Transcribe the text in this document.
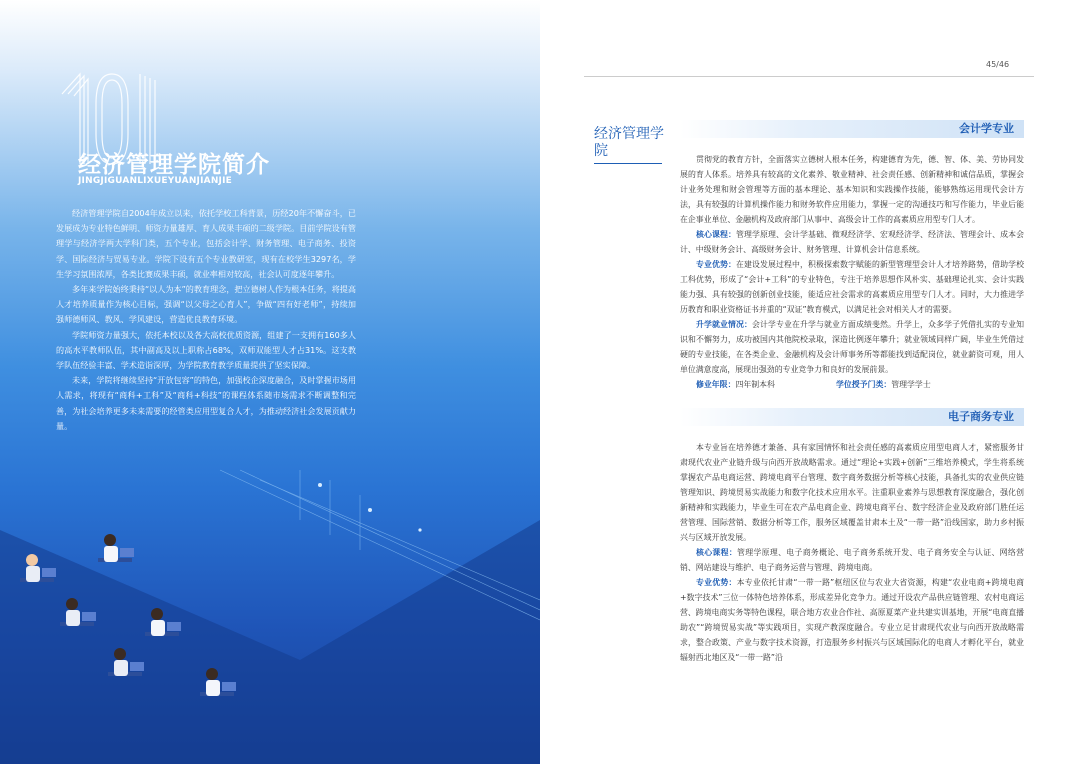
经济管理学院简介
JINGJIGUANLIXUEYUANJIANJIE

经济管理学院自2004年成立以来，依托学校工科背景，历经20年不懈奋斗，已发展成为专业特色鲜明、师资力量雄厚、育人成果丰硕的二级学院。目前学院设有管理学与经济学两大学科门类，五个专业，包括会计学、财务管理、电子商务、投资学、国际经济与贸易专业。学院下设有五个专业教研室，现有在校学生3297名，学生学习氛围浓厚，各类比赛成果丰硕，就业率相对较高，社会认可度逐年攀升。

多年来学院始终秉持“以人为本”的教育理念，把立德树人作为根本任务，将提高人才培养质量作为核心目标，强调“以父母之心育人”，争做“四有好老师”，持续加强师德师风、教风、学风建设，营造优良教育环境。

学院师资力量强大，依托本校以及各大高校优质资源，组建了一支拥有160多人的高水平教师队伍，其中副高及以上职称占68%，双师双能型人才占31%。这支教学队伍经验丰富、学术造诣深厚，为学院教育教学质量提供了坚实保障。

未来，学院将继续坚持“开放包容”的特色，加强校企深度融合，及时掌握市场用人需求，将现有“商科+工科”及“商科+科技”的课程体系随市场需求不断调整和完善，为社会培养更多未来需要的经管类应用型复合人才，为推动经济社会发展贡献力量。

45/46
经济管理学院
会计学专业

贯彻党的教育方针，全面落实立德树人根本任务，构建德育为先，德、智、体、美、劳协同发展的育人体系。培养具有较高的文化素养、敬业精神、社会责任感、创新精神和诚信品质，掌握会计业务处理和财会管理等方面的基本理论、基本知识和实践操作技能，能够熟练运用现代会计方法，具有较强的计算机操作能力和财务软件应用能力，掌握一定的沟通技巧和写作能力，毕业后能在企事业单位、金融机构及政府部门从事中、高级会计工作的高素质应用型专门人才。

核心课程：管理学原理、会计学基础、微观经济学、宏观经济学、经济法、管理会计、成本会计、中级财务会计、高级财务会计、财务管理、计算机会计信息系统。

专业优势：在建设发展过程中，积极探索数字赋能的新型管理型会计人才培养路势，借助学校工科优势，形成了“会计+工科”的专业特色，专注于培养思想作风朴实、基础理论扎实、会计实践能力强、具有较强的创新创业技能，能适应社会需求的高素质应用型专门人才。同时，大力推进学历教育和职业资格证书并重的“双证”教育模式，以满足社会对相关人才的需要。

升学就业情况：会计学专业在升学与就业方面成绩斐然。升学上，众多学子凭借扎实的专业知识和不懈努力，成功被国内其他院校录取，深造比例逐年攀升；就业领域同样广阔，毕业生凭借过硬的专业技能，在各类企业、金融机构及会计师事务所等都能找到适配岗位，就业薪资可观，用人单位满意度高，展现出强劲的专业竞争力和良好的发展前景。

修业年限：四年制本科	学位授予门类：管理学学士
电子商务专业

本专业旨在培养德才兼备、具有家国情怀和社会责任感的高素质应用型电商人才，紧密服务甘肃现代农业产业链升级与向西开放战略需求。通过“理论+实践+创新”三维培养模式，学生将系统掌握农产品电商运营、跨境电商平台管理、数字商务数据分析等核心技能，具备扎实的农业供应链管理知识、跨境贸易实战能力和数字化技术应用水平。注重职业素养与思想教育深度融合，强化创新精神和实践能力，毕业生可在农产品电商企业、跨境电商平台、数字经济企业及政府部门胜任运营管理、国际营销、数据分析等工作，服务区域覆盖甘肃本土及“一带一路”沿线国家，助力乡村振兴与区域开放发展。

核心课程：管理学原理、电子商务概论、电子商务系统开发、电子商务安全与认证、网络营销、网站建设与维护、电子商务运营与管理、跨境电商。

专业优势：本专业依托甘肃“一带一路”枢纽区位与农业大省资源，构建“农业电商+跨境电商+数字技术”三位一体特色培养体系，形成差异化竞争力。通过开设农产品供应链管理、农村电商运营、跨境电商实务等特色课程，联合地方农业合作社、高原夏菜产业共建实训基地，开展“电商直播助农”“跨境贸易实战”等实践项目，实现产教深度融合。专业立足甘肃现代农业与向西开放战略需求，整合政策、产业与数字技术资源，打造服务乡村振兴与区域国际化的电商人才孵化平台，就业辐射西北地区及“一带一路”沿
